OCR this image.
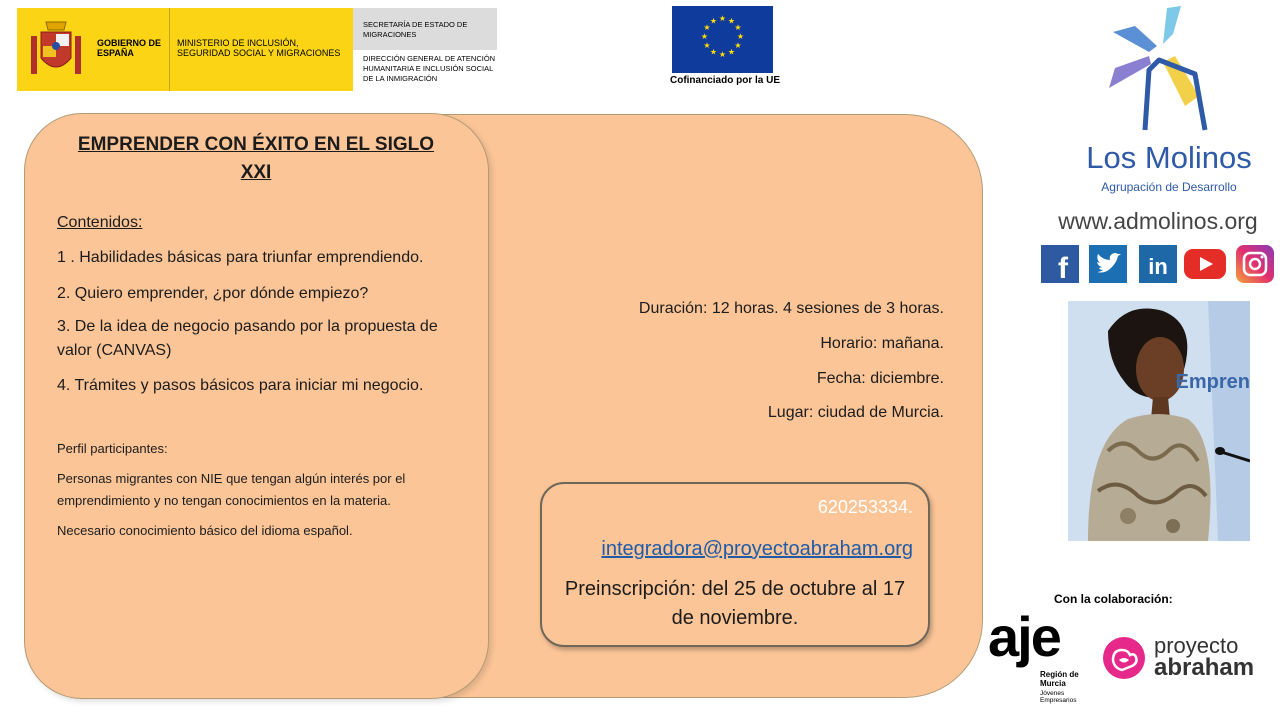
GOBIERNO DE ESPAÑA
MINISTERIO DE INCLUSIÓN, SEGURIDAD SOCIAL Y MIGRACIONES
SECRETARÍA DE ESTADO DE MIGRACIONES
DIRECCIÓN GENERAL DE ATENCIÓN HUMANITARIA E INCLUSIÓN SOCIAL DE LA INMIGRACIÓN
★ ★
★
★
★
★
★
★
★
★
★
★
Cofinanciado por la UE
EMPRENDER CON ÉXITO EN EL SIGLO
XXI
Contenidos:
1 . Habilidades básicas para triunfar emprendiendo.
2. Quiero emprender, ¿por dónde empiezo?
3. De la idea de negocio pasando por la propuesta de valor (CANVAS)
4. Trámites y pasos básicos para iniciar mi negocio.
Perfil participantes:
Personas migrantes con NIE que tengan algún interés por el emprendimiento y no tengan conocimientos en la materia.
Necesario conocimiento básico del idioma español.
Duración: 12 horas. 4 sesiones de 3 horas.
Horario: mañana.
Fecha: diciembre.
Lugar: ciudad de Murcia.
620253334.
integradora@proyectoabraham.org
Preinscripción: del 25 de octubre al 17 de noviembre.
Los Molinos
Agrupación de Desarrollo
www.admolinos.org
f	in
Empren
Con la colaboración:
aje
Región de Murcia
Jóvenes Empresarios
proyecto
abraham
